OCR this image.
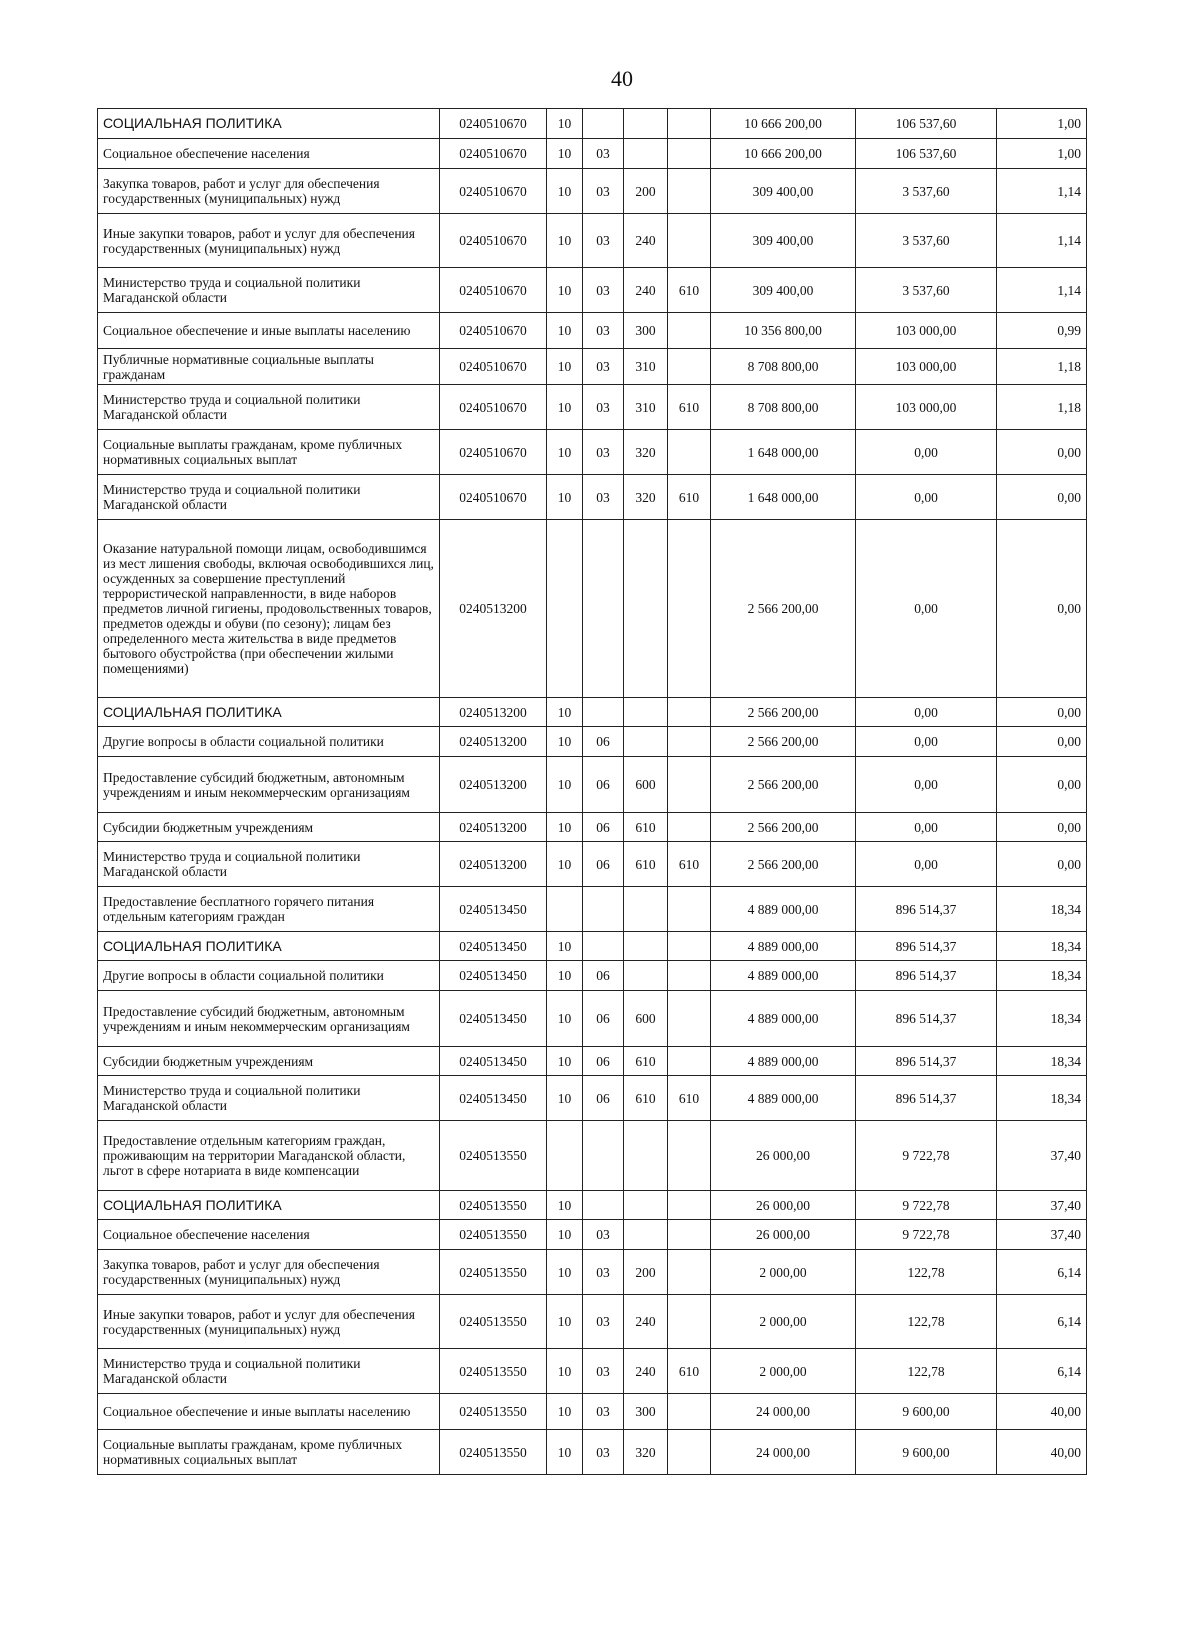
40
СОЦИАЛЬНАЯ ПОЛИТИКА	0240510670	10				10 666 200,00	106 537,60	1,00
Социальное обеспечение населения	0240510670	10	03			10 666 200,00	106 537,60	1,00
Закупка товаров, работ и услуг для обеспечения государственных (муниципальных) нужд	0240510670	10	03	200		309 400,00	3 537,60	1,14
Иные закупки товаров, работ и услуг для обеспечения государственных (муниципальных) нужд	0240510670	10	03	240		309 400,00	3 537,60	1,14
Министерство труда и социальной политики Магаданской области	0240510670	10	03	240	610	309 400,00	3 537,60	1,14
Социальное обеспечение и иные выплаты населению	0240510670	10	03	300		10 356 800,00	103 000,00	0,99
Публичные нормативные социальные выплаты гражданам	0240510670	10	03	310		8 708 800,00	103 000,00	1,18
Министерство труда и социальной политики Магаданской области	0240510670	10	03	310	610	8 708 800,00	103 000,00	1,18
Социальные выплаты гражданам, кроме публичных нормативных социальных выплат	0240510670	10	03	320		1 648 000,00	0,00	0,00
Министерство труда и социальной политики Магаданской области	0240510670	10	03	320	610	1 648 000,00	0,00	0,00
Оказание натуральной помощи лицам, освободившимся из мест лишения свободы, включая освободившихся лиц, осужденных за совершение преступлений террористической направленности, в виде наборов предметов личной гигиены, продовольственных товаров, предметов одежды и обуви (по сезону); лицам без определенного места жительства в виде предметов бытового обустройства (при обеспечении жилыми помещениями)	0240513200					2 566 200,00	0,00	0,00
СОЦИАЛЬНАЯ ПОЛИТИКА	0240513200	10				2 566 200,00	0,00	0,00
Другие вопросы в области социальной политики	0240513200	10	06			2 566 200,00	0,00	0,00
Предоставление субсидий бюджетным, автономным учреждениям и иным некоммерческим организациям	0240513200	10	06	600		2 566 200,00	0,00	0,00
Субсидии бюджетным учреждениям	0240513200	10	06	610		2 566 200,00	0,00	0,00
Министерство труда и социальной политики Магаданской области	0240513200	10	06	610	610	2 566 200,00	0,00	0,00
Предоставление бесплатного горячего питания отдельным категориям граждан	0240513450					4 889 000,00	896 514,37	18,34
СОЦИАЛЬНАЯ ПОЛИТИКА	0240513450	10				4 889 000,00	896 514,37	18,34
Другие вопросы в области социальной политики	0240513450	10	06			4 889 000,00	896 514,37	18,34
Предоставление субсидий бюджетным, автономным учреждениям и иным некоммерческим организациям	0240513450	10	06	600		4 889 000,00	896 514,37	18,34
Субсидии бюджетным учреждениям	0240513450	10	06	610		4 889 000,00	896 514,37	18,34
Министерство труда и социальной политики Магаданской области	0240513450	10	06	610	610	4 889 000,00	896 514,37	18,34
Предоставление отдельным категориям граждан, проживающим на территории Магаданской области, льгот в сфере нотариата в виде компенсации	0240513550					26 000,00	9 722,78	37,40
СОЦИАЛЬНАЯ ПОЛИТИКА	0240513550	10				26 000,00	9 722,78	37,40
Социальное обеспечение населения	0240513550	10	03			26 000,00	9 722,78	37,40
Закупка товаров, работ и услуг для обеспечения государственных (муниципальных) нужд	0240513550	10	03	200		2 000,00	122,78	6,14
Иные закупки товаров, работ и услуг для обеспечения государственных (муниципальных) нужд	0240513550	10	03	240		2 000,00	122,78	6,14
Министерство труда и социальной политики Магаданской области	0240513550	10	03	240	610	2 000,00	122,78	6,14
Социальное обеспечение и иные выплаты населению	0240513550	10	03	300		24 000,00	9 600,00	40,00
Социальные выплаты гражданам, кроме публичных нормативных социальных выплат	0240513550	10	03	320		24 000,00	9 600,00	40,00
